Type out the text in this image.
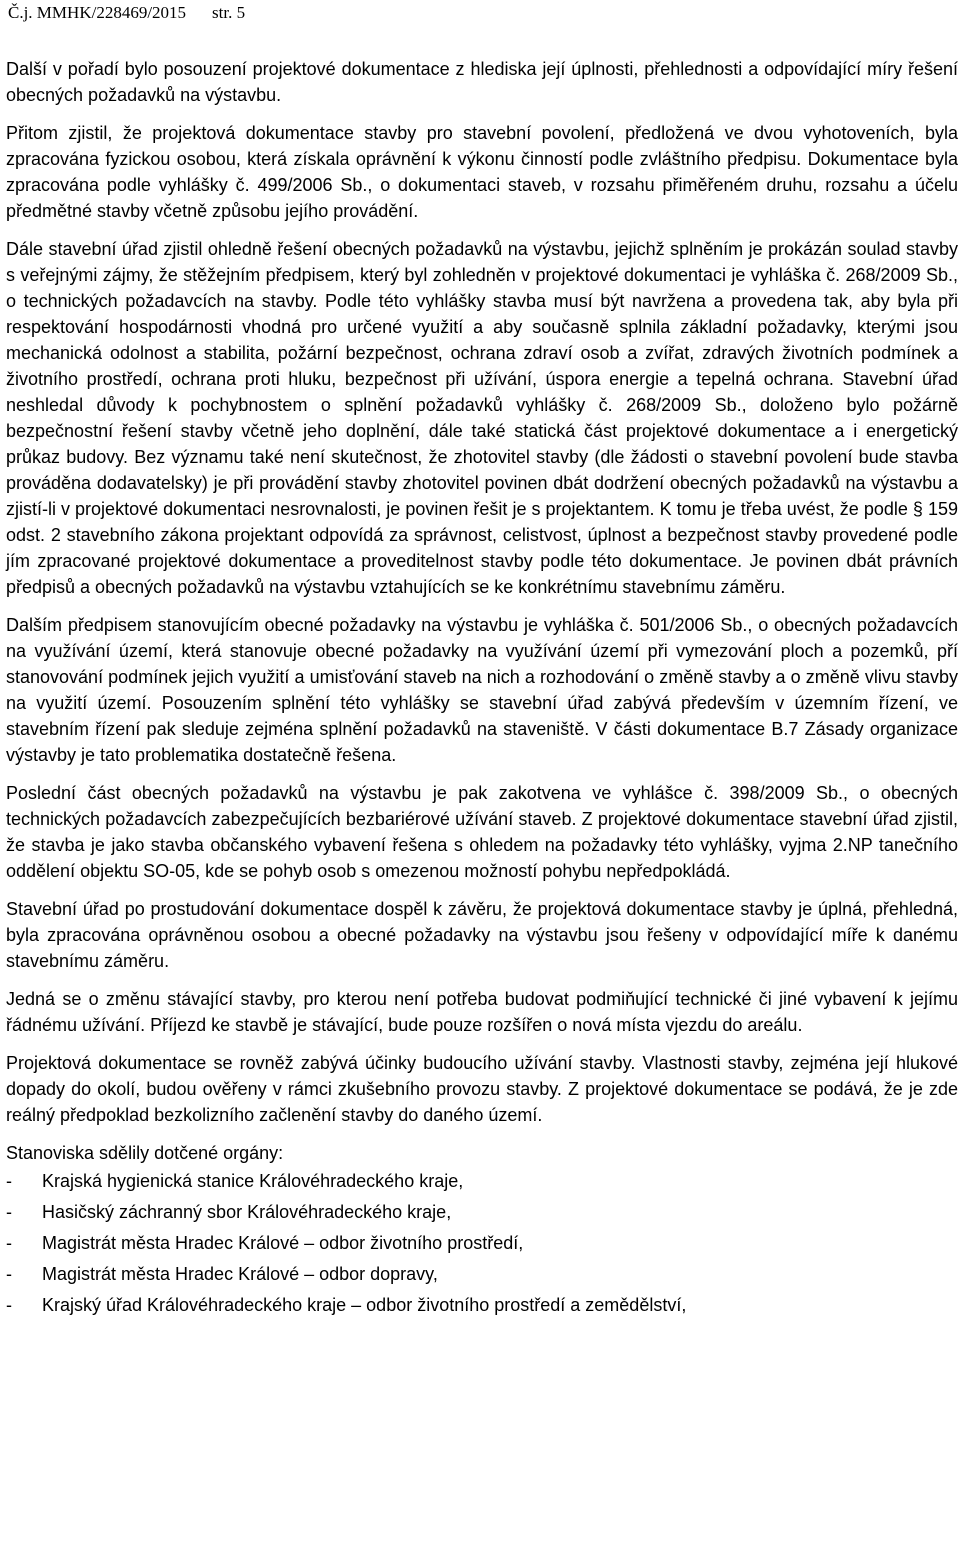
Č.j. MMHK/228469/2015 str. 5

Další v pořadí bylo posouzení projektové dokumentace z hlediska její úplnosti, přehlednosti a odpovídající míry řešení obecných požadavků na výstavbu.

Přitom zjistil, že projektová dokumentace stavby pro stavební povolení, předložená ve dvou vyhotoveních, byla zpracována fyzickou osobou, která získala oprávnění k výkonu činností podle zvláštního předpisu. Dokumentace byla zpracována podle vyhlášky č. 499/2006 Sb., o dokumentaci staveb, v rozsahu přiměřeném druhu, rozsahu a účelu předmětné stavby včetně způsobu jejího provádění.

Dále stavební úřad zjistil ohledně řešení obecných požadavků na výstavbu, jejichž splněním je prokázán soulad stavby s veřejnými zájmy, že stěžejním předpisem, který byl zohledněn v projektové dokumentaci je vyhláška č. 268/2009 Sb., o technických požadavcích na stavby. Podle této vyhlášky stavba musí být navržena a provedena tak, aby byla při respektování hospodárnosti vhodná pro určené využití a aby současně splnila základní požadavky, kterými jsou mechanická odolnost a stabilita, požární bezpečnost, ochrana zdraví osob a zvířat, zdravých životních podmínek a životního prostředí, ochrana proti hluku, bezpečnost při užívání, úspora energie a tepelná ochrana. Stavební úřad neshledal důvody k pochybnostem o splnění požadavků vyhlášky č. 268/2009 Sb., doloženo bylo požárně bezpečnostní řešení stavby včetně jeho doplnění, dále také statická část projektové dokumentace a i energetický průkaz budovy. Bez významu také není skutečnost, že zhotovitel stavby (dle žádosti o stavební povolení bude stavba prováděna dodavatelsky) je při provádění stavby zhotovitel povinen dbát dodržení obecných požadavků na výstavbu a zjistí-li v projektové dokumentaci nesrovnalosti, je povinen řešit je s projektantem. K tomu je třeba uvést, že podle § 159 odst. 2 stavebního zákona projektant odpovídá za správnost, celistvost, úplnost a bezpečnost stavby provedené podle jím zpracované projektové dokumentace a proveditelnost stavby podle této dokumentace. Je povinen dbát právních předpisů a obecných požadavků na výstavbu vztahujících se ke konkrétnímu stavebnímu záměru.

Dalším předpisem stanovujícím obecné požadavky na výstavbu je vyhláška č. 501/2006 Sb., o obecných požadavcích na využívání území, která stanovuje obecné požadavky na využívání území při vymezování ploch a pozemků, pří stanovování podmínek jejich využití a umisťování staveb na nich a rozhodování o změně stavby a o změně vlivu stavby na využití území. Posouzením splnění této vyhlášky se stavební úřad zabývá především v územním řízení, ve stavebním řízení pak sleduje zejména splnění požadavků na staveniště. V části dokumentace B.7 Zásady organizace výstavby je tato problematika dostatečně řešena.

Poslední část obecných požadavků na výstavbu je pak zakotvena ve vyhlášce č. 398/2009 Sb., o obecných technických požadavcích zabezpečujících bezbariérové užívání staveb. Z projektové dokumentace stavební úřad zjistil, že stavba je jako stavba občanského vybavení řešena s ohledem na požadavky této vyhlášky, vyjma 2.NP tanečního oddělení objektu SO-05, kde se pohyb osob s omezenou možností pohybu nepředpokládá.

Stavební úřad po prostudování dokumentace dospěl k závěru, že projektová dokumentace stavby je úplná, přehledná, byla zpracována oprávněnou osobou a obecné požadavky na výstavbu jsou řešeny v odpovídající míře k danému stavebnímu záměru.

Jedná se o změnu stávající stavby, pro kterou není potřeba budovat podmiňující technické či jiné vybavení k jejímu řádnému užívání. Příjezd ke stavbě je stávající, bude pouze rozšířen o nová místa vjezdu do areálu.

Projektová dokumentace se rovněž zabývá účinky budoucího užívání stavby. Vlastnosti stavby, zejména její hlukové dopady do okolí, budou ověřeny v rámci zkušebního provozu stavby. Z projektové dokumentace se podává, že je zde reálný předpoklad bezkolizního začlenění stavby do daného území.

Stanoviska sdělily dotčené orgány:

- Krajská hygienická stanice Královéhradeckého kraje,
- Hasičský záchranný sbor Královéhradeckého kraje,
- Magistrát města Hradec Králové – odbor životního prostředí,
- Magistrát města Hradec Králové – odbor dopravy,
- Krajský úřad Královéhradeckého kraje – odbor životního prostředí a zemědělství,
